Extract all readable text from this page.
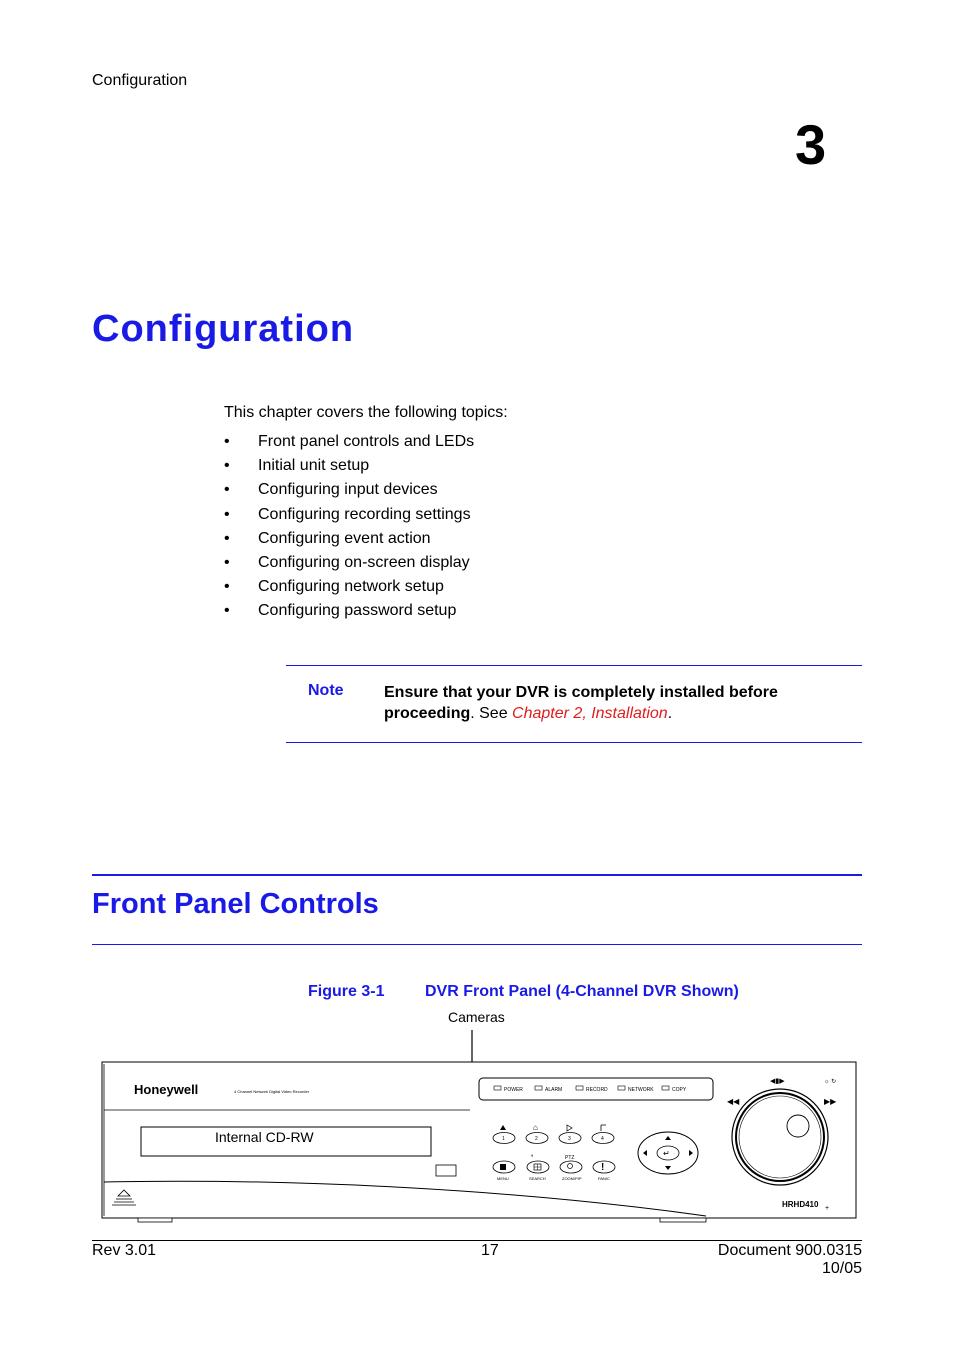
Configuration
3
Configuration
This chapter covers the following topics:
•	Front panel controls and LEDs
•	Initial unit setup
•	Configuring input devices
•	Configuring recording settings
•	Configuring event action
•	Configuring on-screen display
•	Configuring network setup
•	Configuring password setup
Note	Ensure that your DVR is completely installed before proceeding. See Chapter 2, Installation.
Front Panel Controls
Figure 3-1	DVR Front Panel (4-Channel DVR Shown)
Cameras
Honeywell	4 Channel Network Digital Video Recorder
Internal CD-RW
POWER	ALARM	RECORD	NETWORK	COPY
1
⌂
2	3	4
◐	PTZ
MENU	SEARCH	ZOOM/PIP
!
PANIC
↵
◀▮▶	☼ ↻
◀◀	▶▶
HRHD410 +
Rev 3.01	17	Document 900.0315
10/05
